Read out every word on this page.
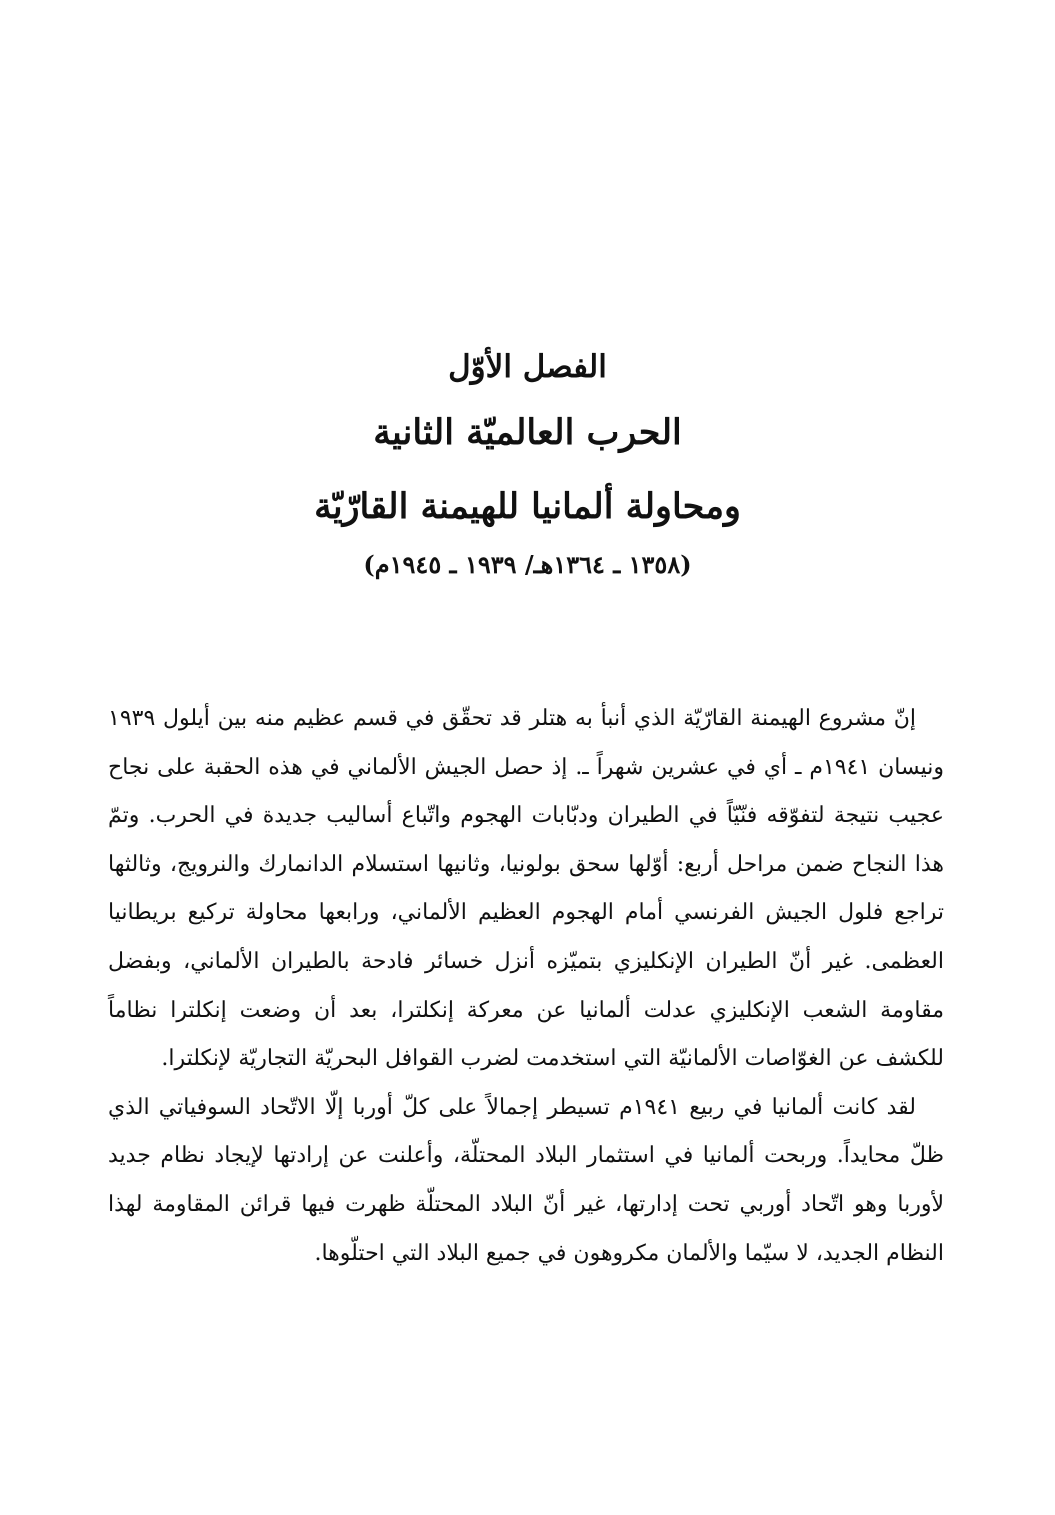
الفصل الأوّل

الحرب العالميّة الثانية

ومحاولة ألمانيا للهيمنة القارّيّة

(١٣٥٨ ـ ١٣٦٤هـ/ ١٩٣٩ ـ ١٩٤٥م)

إنّ مشروع الهيمنة القارّيّة الذي أنبأ به هتلر قد تحقّق في قسم عظيم منه بين أيلول ١٩٣٩ ونيسان ١٩٤١م ـ أي في عشرين شهراً ـ. إذ حصل الجيش الألماني في هذه الحقبة على نجاح عجيب نتيجة لتفوّقه فنّيّاً في الطيران ودبّابات الهجوم واتّباع أساليب جديدة في الحرب. وتمّ هذا النجاح ضمن مراحل أربع: أوّلها سحق بولونيا، وثانيها استسلام الدانمارك والنرويج، وثالثها تراجع فلول الجيش الفرنسي أمام الهجوم العظيم الألماني، ورابعها محاولة تركيع بريطانيا العظمى. غير أنّ الطيران الإنكليزي بتميّزه أنزل خسائر فادحة بالطيران الألماني، وبفضل مقاومة الشعب الإنكليزي عدلت ألمانيا عن معركة إنكلترا، بعد أن وضعت إنكلترا نظاماً للكشف عن الغوّاصات الألمانيّة التي استخدمت لضرب القوافل البحريّة التجاريّة لإنكلترا.

لقد كانت ألمانيا في ربيع ١٩٤١م تسيطر إجمالاً على كلّ أوربا إلّا الاتّحاد السوفياتي الذي ظلّ محايداً. وربحت ألمانيا في استثمار البلاد المحتلّة، وأعلنت عن إرادتها لإيجاد نظام جديد لأوربا وهو اتّحاد أوربي تحت إدارتها، غير أنّ البلاد المحتلّة ظهرت فيها قرائن المقاومة لهذا النظام الجديد، لا سيّما والألمان مكروهون في جميع البلاد التي احتلّوها.
